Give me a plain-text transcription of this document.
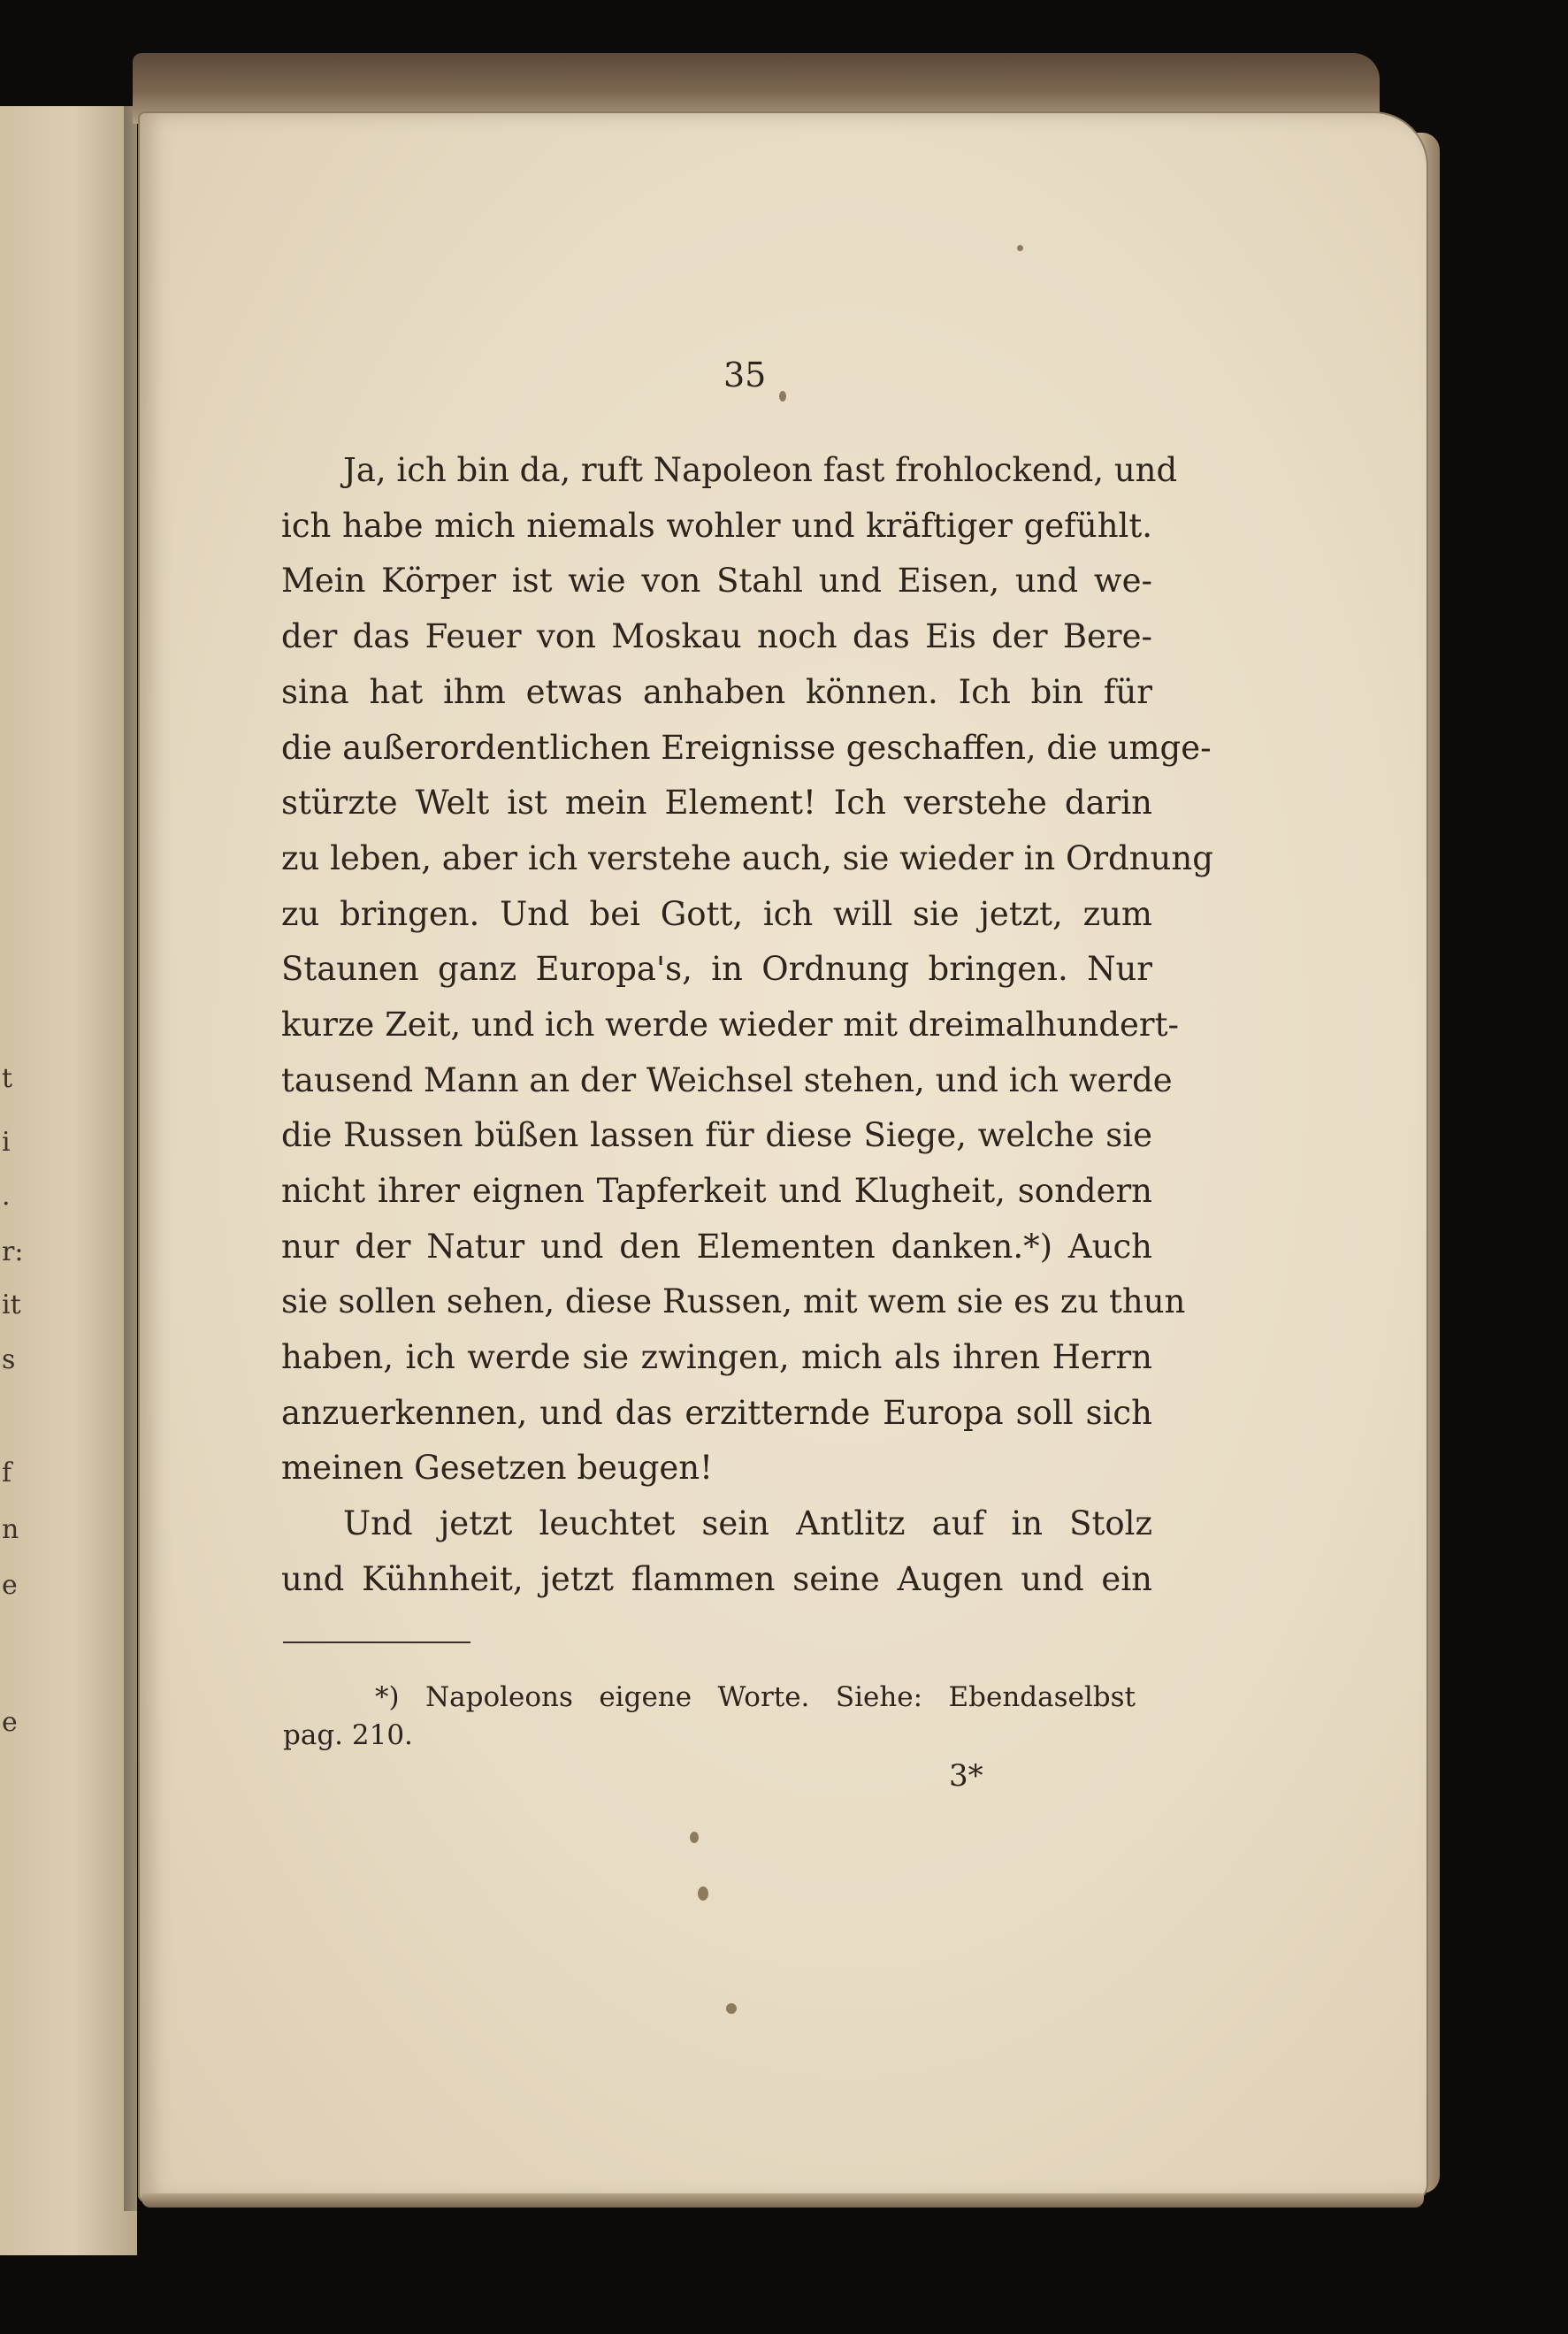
t
i
.
r:
it
s
f
n
e
e
35
Ja, ich bin da, ruft Napoleon fast frohlockend, und
ich habe mich niemals wohler und kräftiger gefühlt.
Mein Körper ist wie von Stahl und Eisen, und we-
der das Feuer von Moskau noch das Eis der Bere-
sina hat ihm etwas anhaben können. Ich bin für
die außerordentlichen Ereignisse geschaffen, die umge-
stürzte Welt ist mein Element! Ich verstehe darin
zu leben, aber ich verstehe auch, sie wieder in Ordnung
zu bringen. Und bei Gott, ich will sie jetzt, zum
Staunen ganz Europa's, in Ordnung bringen. Nur
kurze Zeit, und ich werde wieder mit dreimalhundert-
tausend Mann an der Weichsel stehen, und ich werde
die Russen büßen lassen für diese Siege, welche sie
nicht ihrer eignen Tapferkeit und Klugheit, sondern
nur der Natur und den Elementen danken.*) Auch
sie sollen sehen, diese Russen, mit wem sie es zu thun
haben, ich werde sie zwingen, mich als ihren Herrn
anzuerkennen, und das erzitternde Europa soll sich
meinen Gesetzen beugen!
Und jetzt leuchtet sein Antlitz auf in Stolz
und Kühnheit, jetzt flammen seine Augen und ein
*) Napoleons eigene Worte. Siehe: Ebendaselbst
pag. 210.
3*
